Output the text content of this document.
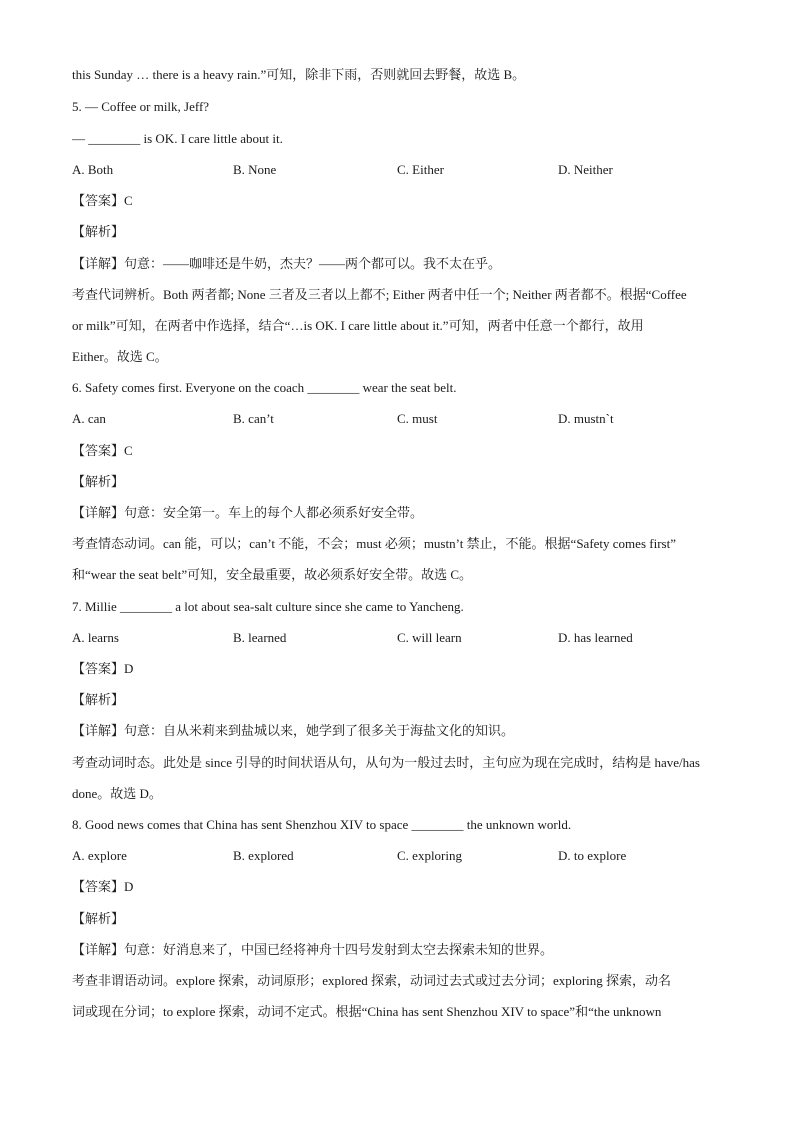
this Sunday … there is a heavy rain.”可知，除非下雨，否则就回去野餐，故选 B。
5. — Coffee or milk, Jeff?
— ________ is OK. I care little about it.
A. Both	B. None	C. Either	D. Neither
【答案】C
【解析】
【详解】句意：——咖啡还是牛奶，杰夫？——两个都可以。我不太在乎。
考查代词辨析。Both 两者都; None 三者及三者以上都不; Either 两者中任一个; Neither 两者都不。根据“Coffee
or milk”可知，在两者中作选择，结合“…is OK. I care little about it.”可知，两者中任意一个都行，故用
Either。故选 C。
6. Safety comes first. Everyone on the coach ________ wear the seat belt.
A. can	B. can’t	C. must	D. mustn`t
【答案】C
【解析】
【详解】句意：安全第一。车上的每个人都必须系好安全带。
考查情态动词。can 能，可以；can’t 不能，不会；must 必须；mustn’t 禁止，不能。根据“Safety comes first”
和“wear the seat belt”可知，安全最重要，故必须系好安全带。故选 C。
7. Millie ________ a lot about sea-salt culture since she came to Yancheng.
A. learns	B. learned	C. will learn	D. has learned
【答案】D
【解析】
【详解】句意：自从米莉来到盐城以来，她学到了很多关于海盐文化的知识。
考查动词时态。此处是 since 引导的时间状语从句，从句为一般过去时，主句应为现在完成时，结构是 have/has
done。故选 D。
8. Good news comes that China has sent Shenzhou XIV to space ________ the unknown world.
A. explore	B. explored	C. exploring	D. to explore
【答案】D
【解析】
【详解】句意：好消息来了，中国已经将神舟十四号发射到太空去探索未知的世界。
考查非谓语动词。explore 探索，动词原形；explored 探索，动词过去式或过去分词；exploring 探索，动名
词或现在分词；to explore 探索，动词不定式。根据“China has sent Shenzhou XIV to space”和“the unknown
